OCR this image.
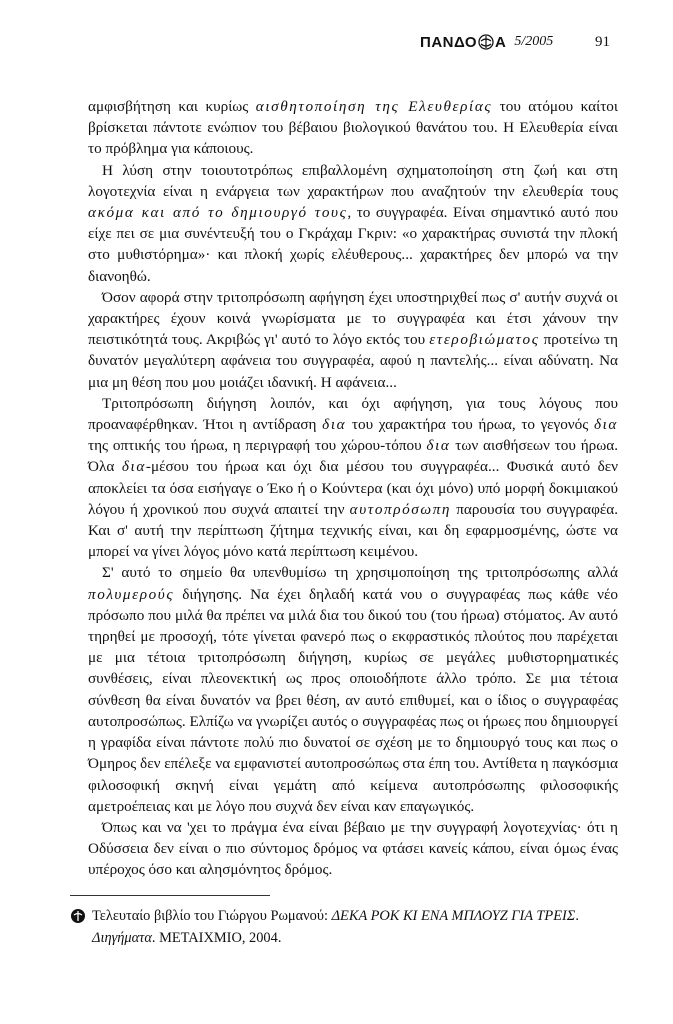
ΠΑΝΔΟ Α 5/2005	91

αμφισβήτηση και κυρίως αισθητοποίηση της Ελευθερίας του ατόμου καίτοι βρίσκεται πάντοτε ενώπιον του βέβαιου βιολογικού θανάτου του. Η Ελευθερία είναι το πρόβλημα για κάποιους.

Η λύση στην τοιουτοτρόπως επιβαλλομένη σχηματοποίηση στη ζωή και στη λογοτεχνία είναι η ενάργεια των χαρακτήρων που αναζητούν την ελευθερία τους ακόμα και από το δημιουργό τους, το συγγραφέα. Είναι σημαντικό αυτό που είχε πει σε μια συνέντευξή του ο Γκράχαμ Γκριν: «ο χαρακτήρας συνιστά την πλοκή στο μυθιστόρημα»· και πλοκή χωρίς ελέυθερους... χαρακτήρες δεν μπορώ να την διανοηθώ.

Όσον αφορά στην τριτοπρόσωπη αφήγηση έχει υποστηριχθεί πως σ' αυτήν συχνά οι χαρακτήρες έχουν κοινά γνωρίσματα με το συγγραφέα και έτσι χάνουν την πειστικότητά τους. Ακριβώς γι' αυτό το λόγο εκτός του ετεροβιώματος προτείνω τη δυνατόν μεγαλύτερη αφάνεια του συγγραφέα, αφού η παντελής... είναι αδύνατη. Να μια μη θέση που μου μοιάζει ιδανική. Η αφάνεια...

Τριτοπρόσωπη διήγηση λοιπόν, και όχι αφήγηση, για τους λόγους που προαναφέρθηκαν. Ήτοι η αντίδραση δια του χαρακτήρα του ήρωα, το γεγονός δια της οπτικής του ήρωα, η περιγραφή του χώρου-τόπου δια των αισθήσεων του ήρωα. Όλα δια-μέσου του ήρωα και όχι δια μέσου του συγγραφέα... Φυσικά αυτό δεν αποκλείει τα όσα εισήγαγε ο Έκο ή ο Κούντερα (και όχι μόνο) υπό μορφή δοκιμιακού λόγου ή χρονικού που συχνά απαιτεί την αυτοπρόσωπη παρουσία του συγγραφέα. Και σ' αυτή την περίπτωση ζήτημα τεχνικής είναι, και δη εφαρμοσμένης, ώστε να μπορεί να γίνει λόγος μόνο κατά περίπτωση κειμένου.

Σ' αυτό το σημείο θα υπενθυμίσω τη χρησιμοποίηση της τριτοπρόσωπης αλλά πολυμερούς διήγησης. Να έχει δηλαδή κατά νου ο συγγραφέας πως κάθε νέο πρόσωπο που μιλά θα πρέπει να μιλά δια του δικού του (του ήρωα) στόματος. Αν αυτό τηρηθεί με προσοχή, τότε γίνεται φανερό πως ο εκφραστικός πλούτος που παρέχεται με μια τέτοια τριτοπρόσωπη διήγηση, κυρίως σε μεγάλες μυθιστορηματικές συνθέσεις, είναι πλεονεκτική ως προς οποιοδήποτε άλλο τρόπο. Σε μια τέτοια σύνθεση θα είναι δυνατόν να βρει θέση, αν αυτό επιθυμεί, και ο ίδιος ο συγγραφέας αυτοπροσώπως. Ελπίζω να γνωρίζει αυτός ο συγγραφέας πως οι ήρωες που δημιουργεί η γραφίδα είναι πάντοτε πολύ πιο δυνατοί σε σχέση με το δημιουργό τους και πως ο Όμηρος δεν επέλεξε να εμφανιστεί αυτοπροσώπως στα έπη του. Αντίθετα η παγκόσμια φιλοσοφική σκηνή είναι γεμάτη από κείμενα αυτοπρόσωπης φιλοσοφικής αμετροέπειας και με λόγο που συχνά δεν είναι καν επαγωγικός.

Όπως και να 'χει το πράγμα ένα είναι βέβαιο με την συγγραφή λογοτεχνίας· ότι η Οδύσσεια δεν είναι ο πιο σύντομος δρόμος να φτάσει κανείς κάπου, είναι όμως ένας υπέροχος όσο και αλησμόνητος δρόμος.

Τελευταίο βιβλίο του Γιώργου Ρωμανού: ΔΕΚΑ ΡΟΚ ΚΙ ΕΝΑ ΜΠΛΟΥΖ ΓΙΑ ΤΡΕΙΣ. Διηγήματα. ΜΕΤΑΙΧΜΙΟ, 2004.
